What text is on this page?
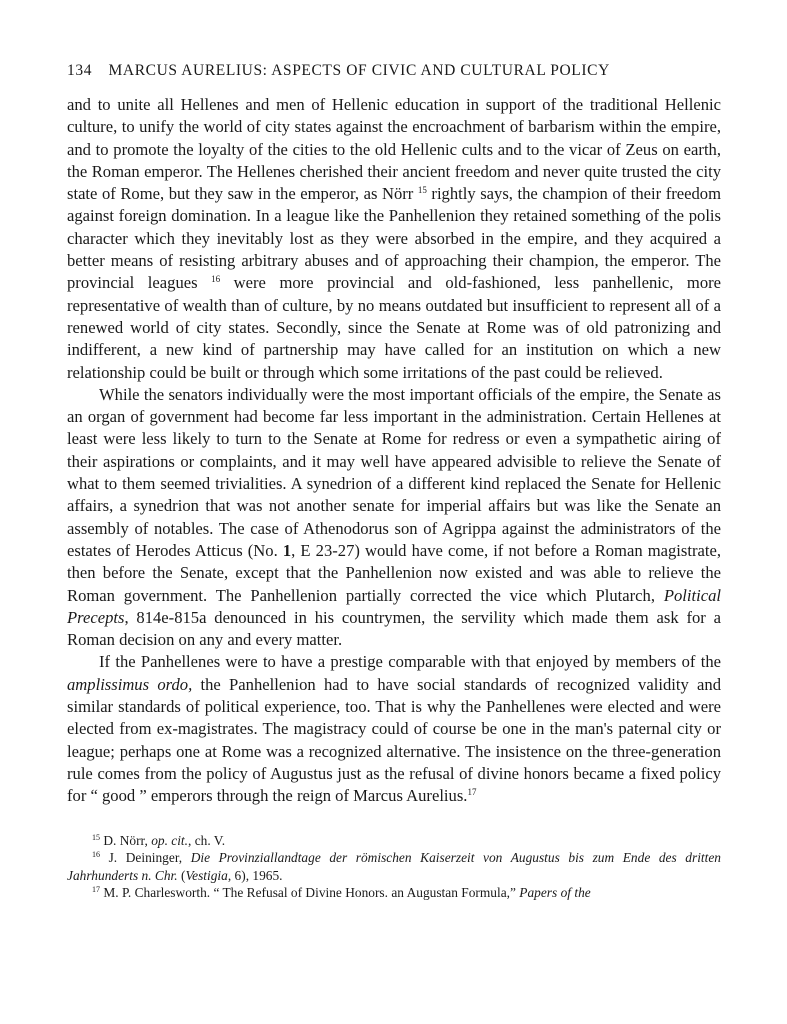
134 MARCUS AURELIUS: ASPECTS OF CIVIC AND CULTURAL POLICY

and to unite all Hellenes and men of Hellenic education in support of the traditional Hellenic culture, to unify the world of city states against the encroachment of barbarism within the empire, and to promote the loyalty of the cities to the old Hellenic cults and to the vicar of Zeus on earth, the Roman emperor. The Hellenes cherished their ancient freedom and never quite trusted the city state of Rome, but they saw in the emperor, as Nörr $^{15}$ rightly says, the champion of their freedom against foreign domination. In a league like the Panhellenion they retained something of the polis character which they inevitably lost as they were absorbed in the empire, and they acquired a better means of resisting arbitrary abuses and of approaching their champion, the emperor. The provincial leagues $^{16}$ were more provincial and old-fashioned, less panhellenic, more representative of wealth than of culture, by no means outdated but insufficient to represent all of a renewed world of city states. Secondly, since the Senate at Rome was of old patronizing and indifferent, a new kind of partnership may have called for an institution on which a new relationship could be built or through which some irritations of the past could be relieved.

While the senators individually were the most important officials of the empire, the Senate as an organ of government had become far less important in the administration. Certain Hellenes at least were less likely to turn to the Senate at Rome for redress or even a sympathetic airing of their aspirations or complaints, and it may well have appeared advisible to relieve the Senate of what to them seemed trivialities. A synedrion of a different kind replaced the Senate for Hellenic affairs, a synedrion that was not another senate for imperial affairs but was like the Senate an assembly of notables. The case of Athenodorus son of Agrippa against the administrators of the estates of Herodes Atticus (No. 1, E 23-27) would have come, if not before a Roman magistrate, then before the Senate, except that the Panhellenion now existed and was able to relieve the Roman government. The Panhellenion partially corrected the vice which Plutarch, Political Precepts, 814e-815a denounced in his countrymen, the servility which made them ask for a Roman decision on any and every matter.

If the Panhellenes were to have a prestige comparable with that enjoyed by members of the amplissimus ordo, the Panhellenion had to have social standards of recognized validity and similar standards of political experience, too. That is why the Panhellenes were elected and were elected from ex-magistrates. The magistracy could of course be one in the man's paternal city or league; perhaps one at Rome was a recognized alternative. The insistence on the three-generation rule comes from the policy of Augustus just as the refusal of divine honors became a fixed policy for “ good ” emperors through the reign of Marcus Aurelius.$^{17}$

$^{15}$ D. Nörr, op. cit., ch. V.

$^{16}$ J. Deininger, Die Provinziallandtage der römischen Kaiserzeit von Augustus bis zum Ende des dritten Jahrhunderts n. Chr. (Vestigia, 6), 1965.

$^{17}$ M. P. Charlesworth. “ The Refusal of Divine Honors. an Augustan Formula,” Papers of the
